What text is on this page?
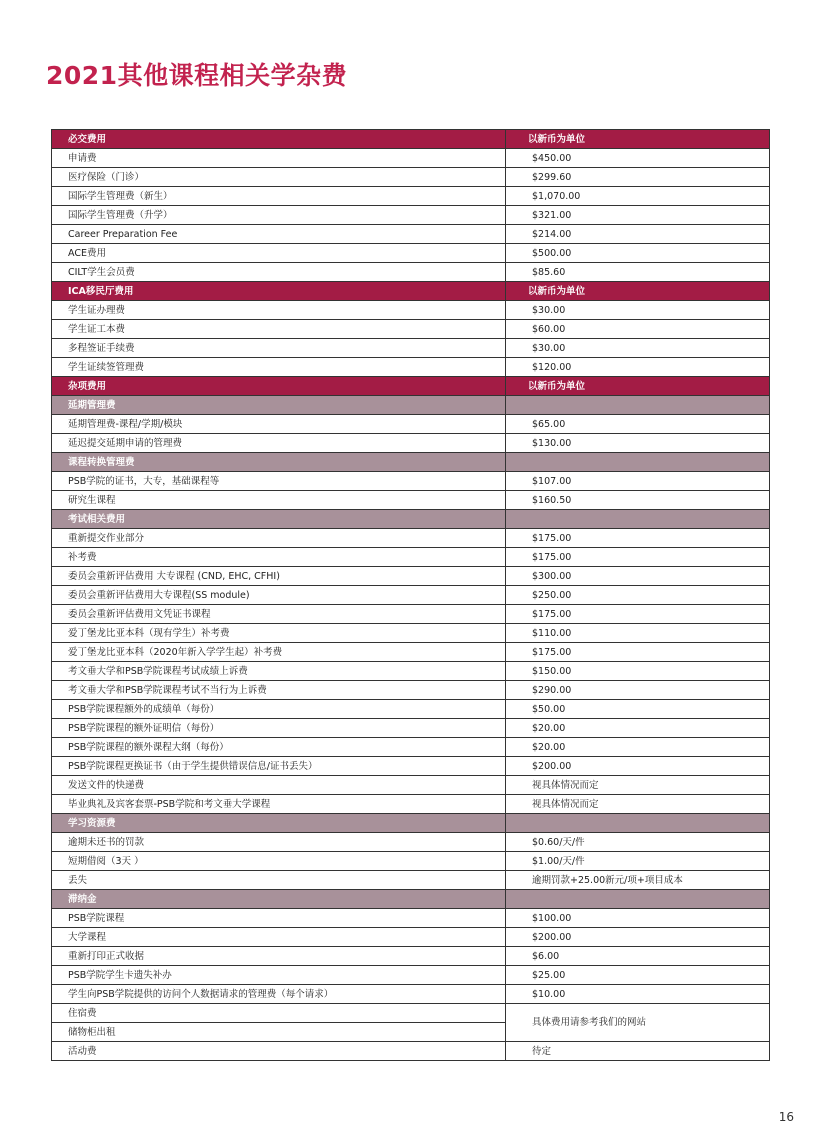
2021其他课程相关学杂费
必交费用	以新币为单位
申请费	$450.00
医疗保险（门诊）	$299.60
国际学生管理费（新生）	$1,070.00
国际学生管理费（升学）	$321.00
Career Preparation Fee	$214.00
ACE费用	$500.00
CILT学生会员费	$85.60
ICA移民厅费用	以新币为单位
学生证办理费	$30.00
学生证工本费	$60.00
多程签证手续费	$30.00
学生证续签管理费	$120.00
杂项费用	以新币为单位
延期管理费	
延期管理费-课程/学期/模块	$65.00
延迟提交延期申请的管理费	$130.00
课程转换管理费	
PSB学院的证书，大专，基础课程等	$107.00
研究生课程	$160.50
考试相关费用	
重新提交作业部分	$175.00
补考费	$175.00
委员会重新评估费用 大专课程 (CND, EHC, CFHI)	$300.00
委员会重新评估费用大专课程(SS module)	$250.00
委员会重新评估费用文凭证书课程	$175.00
爱丁堡龙比亚本科（现有学生）补考费	$110.00
爱丁堡龙比亚本科（2020年新入学学生起）补考费	$175.00
考文垂大学和PSB学院课程考试成绩上诉费	$150.00
考文垂大学和PSB学院课程考试不当行为上诉费	$290.00
PSB学院课程额外的成绩单（每份）	$50.00
PSB学院课程的额外证明信（每份）	$20.00
PSB学院课程的额外课程大纲（每份）	$20.00
PSB学院课程更换证书（由于学生提供错误信息/证书丢失）	$200.00
发送文件的快递费	视具体情况而定
毕业典礼及宾客套票-PSB学院和考文垂大学课程	视具体情况而定
学习资源费	
逾期未还书的罚款	$0.60/天/件
短期借阅（3天 ）	$1.00/天/件
丢失	逾期罚款+25.00新元/项+项目成本
滞纳金	
PSB学院课程	$100.00
大学课程	$200.00
重新打印正式收据	$6.00
PSB学院学生卡遗失补办	$25.00
学生向PSB学院提供的访问个人数据请求的管理费（每个请求）	$10.00
住宿费	具体费用请参考我们的网站
储物柜出租	
活动费	待定
16
